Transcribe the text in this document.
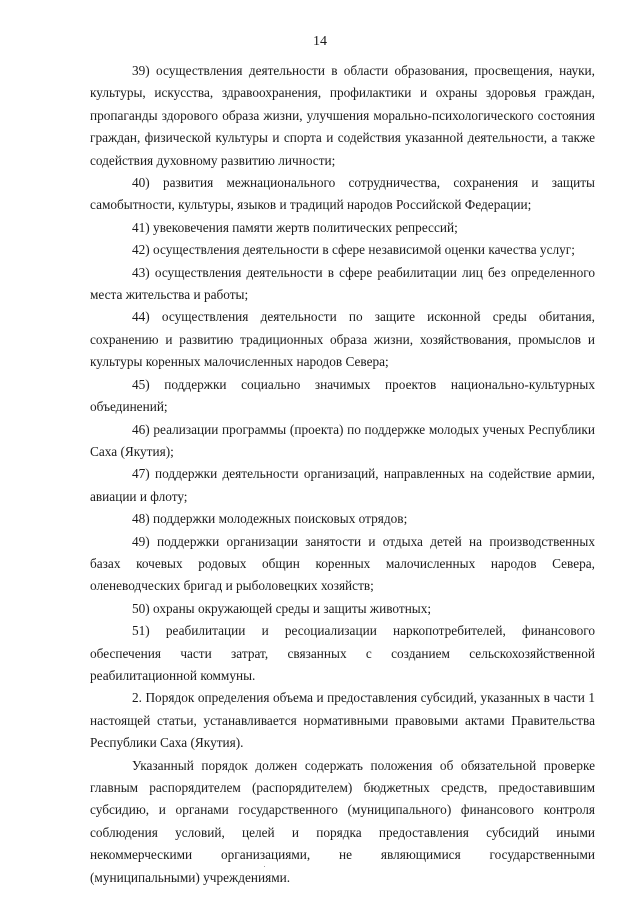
14

39) осуществления деятельности в области образования, просвещения, науки, культуры, искусства, здравоохранения, профилактики и охраны здоровья граждан, пропаганды здорового образа жизни, улучшения морально-психологического состояния граждан, физической культуры и спорта и содействия указанной деятельности, а также содействия духовному развитию личности;

40) развития межнационального сотрудничества, сохранения и защиты самобытности, культуры, языков и традиций народов Российской Федерации;

41) увековечения памяти жертв политических репрессий;

42) осуществления деятельности в сфере независимой оценки качества услуг;

43) осуществления деятельности в сфере реабилитации лиц без определенного места жительства и работы;

44) осуществления деятельности по защите исконной среды обитания, сохранению и развитию традиционных образа жизни, хозяйствования, промыслов и культуры коренных малочисленных народов Севера;

45) поддержки социально значимых проектов национально-культурных объединений;

46) реализации программы (проекта) по поддержке молодых ученых Республики Саха (Якутия);

47) поддержки деятельности организаций, направленных на содействие армии, авиации и флоту;

48) поддержки молодежных поисковых отрядов;

49) поддержки организации занятости и отдыха детей на производственных базах кочевых родовых общин коренных малочисленных народов Севера, оленеводческих бригад и рыболовецких хозяйств;

50) охраны окружающей среды и защиты животных;

51) реабилитации и ресоциализации наркопотребителей, финансового обеспечения части затрат, связанных с созданием сельскохозяйственной реабилитационной коммуны.

2. Порядок определения объема и предоставления субсидий, указанных в части 1 настоящей статьи, устанавливается нормативными правовыми актами Правительства Республики Саха (Якутия).

Указанный порядок должен содержать положения об обязательной проверке главным распорядителем (распорядителем) бюджетных средств, предоставившим субсидию, и органами государственного (муниципального) финансового контроля соблюдения условий, целей и порядка предоставления субсидий иными некоммерческими организациями, не являющимися государственными (муниципальными) учреждениями.
